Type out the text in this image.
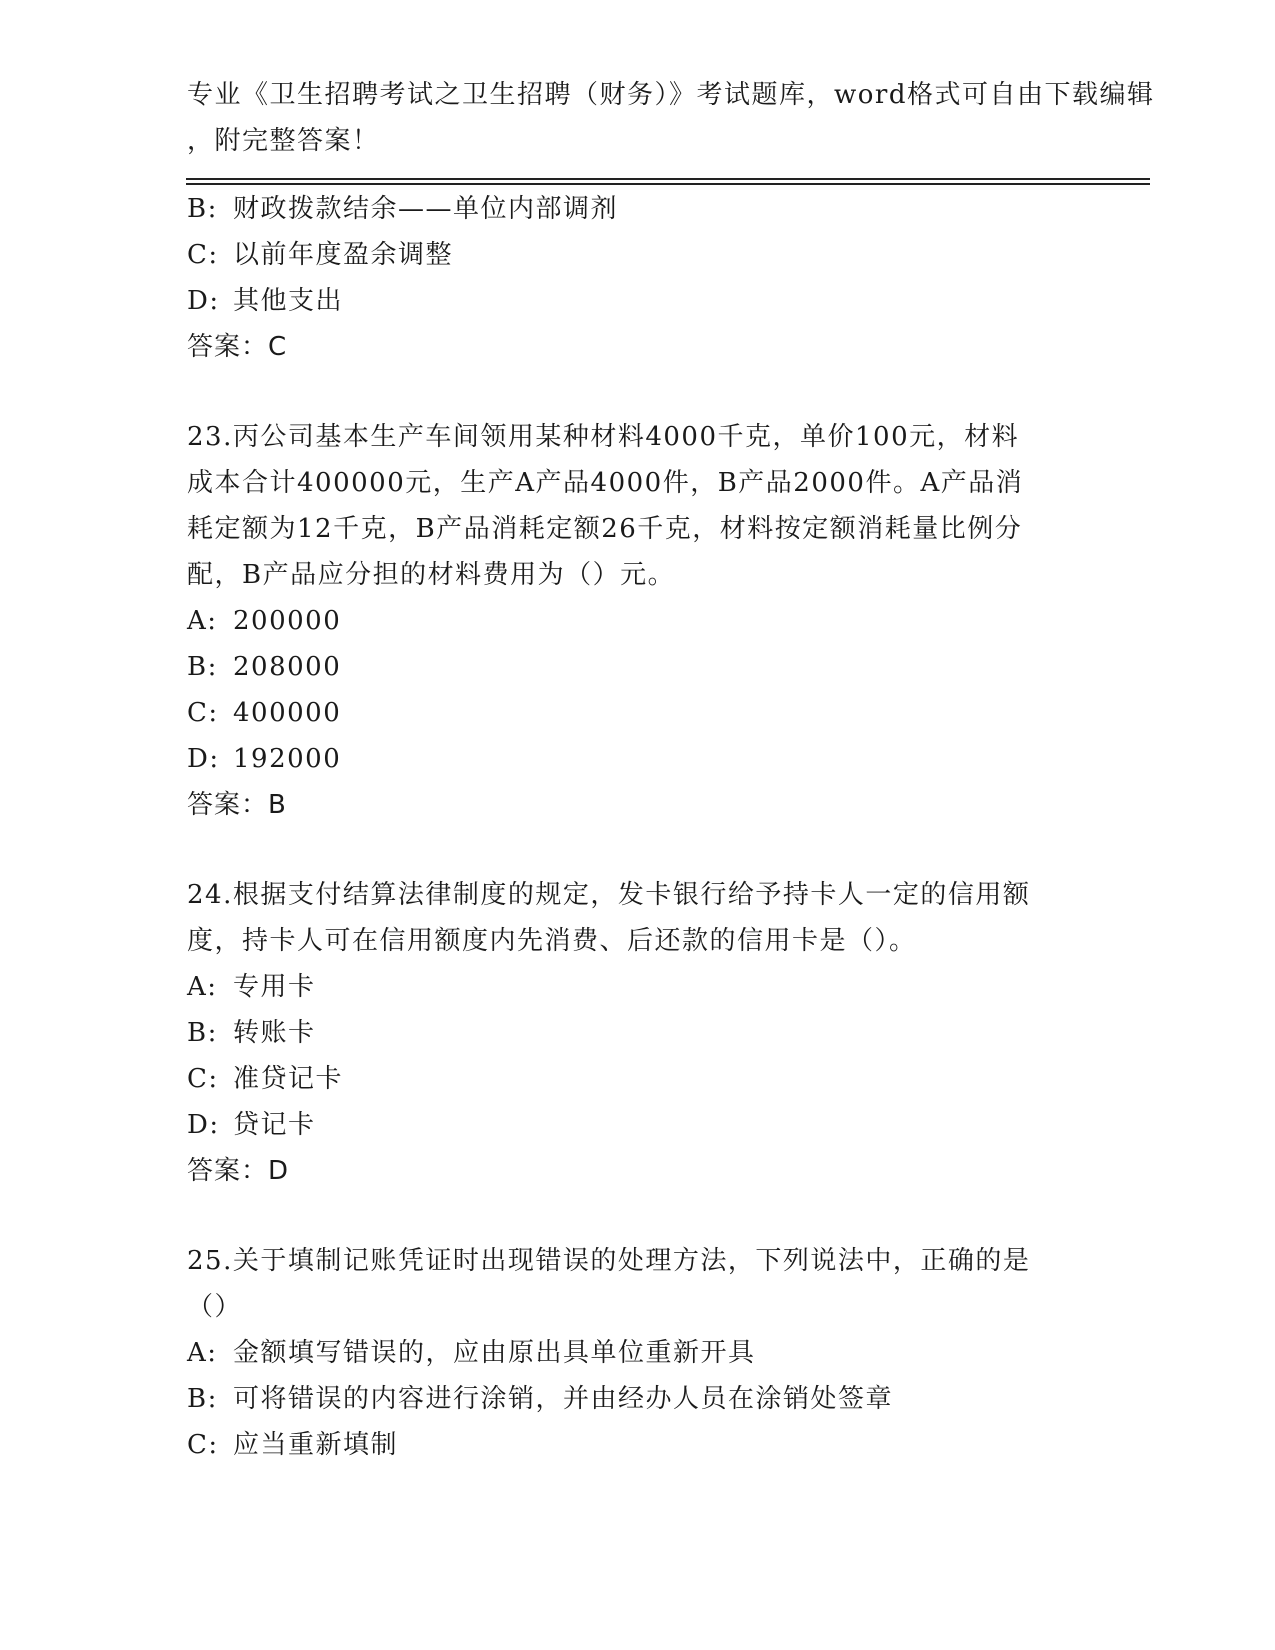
专业《卫生招聘考试之卫生招聘（财务）》考试题库，word格式可自由下载编辑
，附完整答案！
B: 财政拨款结余——单位内部调剂
C: 以前年度盈余调整
D: 其他支出
答案：C
23.丙公司基本生产车间领用某种材料4000千克，单价100元，材料
成本合计400000元，生产A产品4000件，B产品2000件。A产品消
耗定额为12千克，B产品消耗定额26千克，材料按定额消耗量比例分
配，B产品应分担的材料费用为（）元。
A: 200000
B: 208000
C: 400000
D: 192000
答案：B
24.根据支付结算法律制度的规定，发卡银行给予持卡人一定的信用额
度，持卡人可在信用额度内先消费、后还款的信用卡是（）。
A: 专用卡
B: 转账卡
C: 准贷记卡
D: 贷记卡
答案：D
25.关于填制记账凭证时出现错误的处理方法，下列说法中，正确的是
（）
A: 金额填写错误的，应由原出具单位重新开具
B: 可将错误的内容进行涂销，并由经办人员在涂销处签章
C: 应当重新填制
